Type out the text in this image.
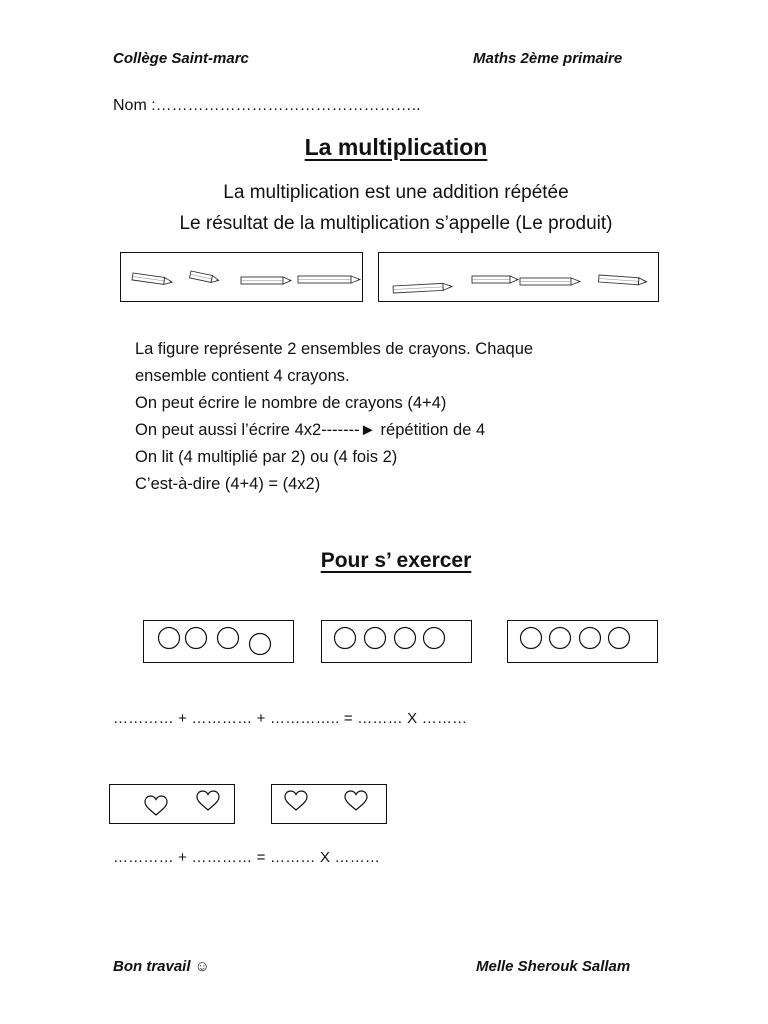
Collège Saint-marc	Maths 2ème primaire
Nom :…………………………………………..
La multiplication
La multiplication est une addition répétée
Le résultat de la multiplication s’appelle (Le produit)
La figure représente 2 ensembles de crayons. Chaque
ensemble contient 4 crayons.
On peut écrire le nombre de crayons (4+4)
On peut aussi l’écrire 4x2-------► répétition de 4
On lit (4 multiplié par 2) ou (4 fois 2)
C’est-à-dire (4+4) = (4x2)
Pour s’ exercer
………… + ………… + ………….. = ……… X ………
………… + ………… = ……… X ………
Bon travail ☺	Melle Sherouk Sallam
